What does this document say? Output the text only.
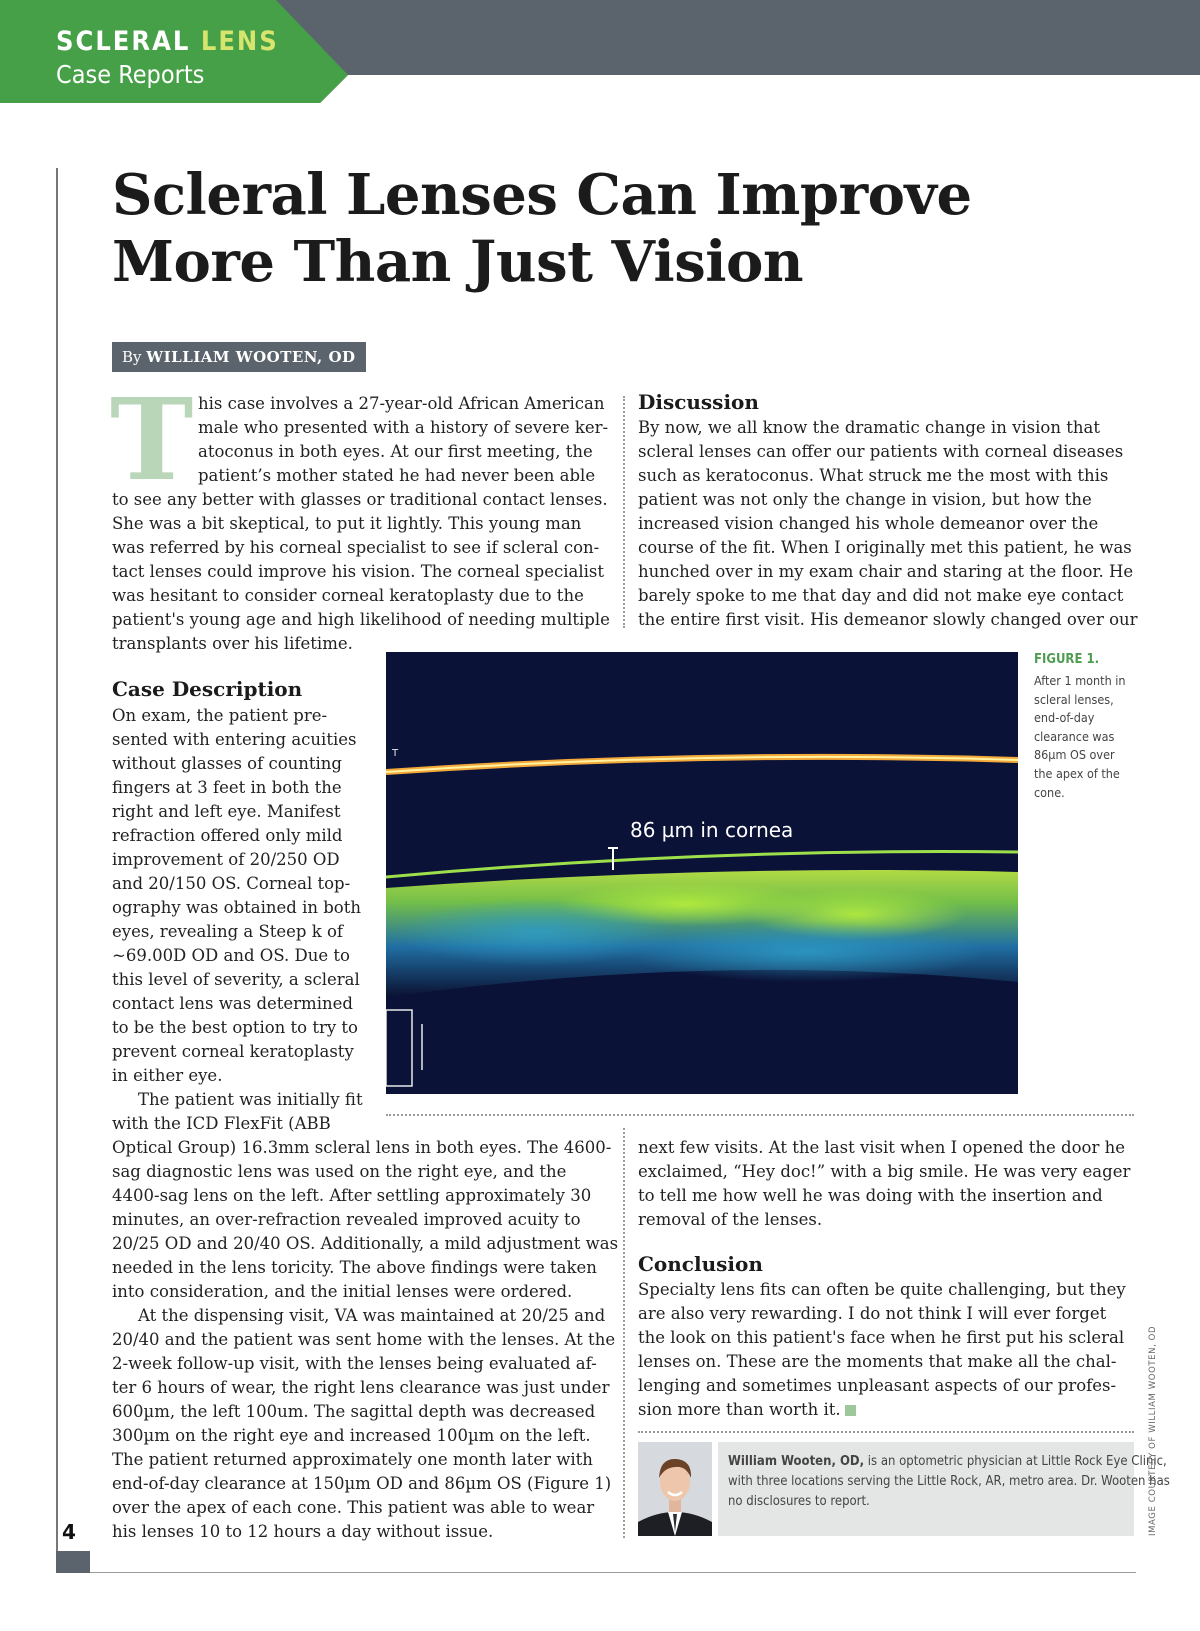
SCLERAL LENS
Case Reports
4
Scleral Lenses Can Improve
More Than Just Vision
By WILLIAM WOOTEN, OD
T his case involves a 27-year-old African American
male who presented with a history of severe ker-
atoconus in both eyes. At our first meeting, the
patient’s mother stated he had never been able
to see any better with glasses or traditional contact lenses.
She was a bit skeptical, to put it lightly. This young man
was referred by his corneal specialist to see if scleral con-
tact lenses could improve his vision. The corneal specialist
was hesitant to consider corneal keratoplasty due to the
patient's young age and high likelihood of needing multiple
transplants over his lifetime.
Case Description
On exam, the patient pre-
sented with entering acuities
without glasses of counting
fingers at 3 feet in both the
right and left eye. Manifest
refraction offered only mild
improvement of 20/250 OD
and 20/150 OS. Corneal top-
ography was obtained in both
eyes, revealing a Steep k of
~69.00D OD and OS. Due to
this level of severity, a scleral
contact lens was determined
to be the best option to try to
prevent corneal keratoplasty
in either eye.
The patient was initially fit
with the ICD FlexFit (ABB
Optical Group) 16.3mm scleral lens in both eyes. The 4600-
sag diagnostic lens was used on the right eye, and the
4400-sag lens on the left. After settling approximately 30
minutes, an over-refraction revealed improved acuity to
20/25 OD and 20/40 OS. Additionally, a mild adjustment was
needed in the lens toricity. The above findings were taken
into consideration, and the initial lenses were ordered.
At the dispensing visit, VA was maintained at 20/25 and
20/40 and the patient was sent home with the lenses. At the
2-week follow-up visit, with the lenses being evaluated af-
ter 6 hours of wear, the right lens clearance was just under
600µm, the left 100um. The sagittal depth was decreased
300µm on the right eye and increased 100µm on the left.
The patient returned approximately one month later with
end-of-day clearance at 150µm OD and 86µm OS (Figure 1)
over the apex of each cone. This patient was able to wear
his lenses 10 to 12 hours a day without issue.
Discussion
By now, we all know the dramatic change in vision that
scleral lenses can offer our patients with corneal diseases
such as keratoconus. What struck me the most with this
patient was not only the change in vision, but how the
increased vision changed his whole demeanor over the
course of the fit. When I originally met this patient, he was
hunched over in my exam chair and staring at the floor. He
barely spoke to me that day and did not make eye contact
the entire first visit. His demeanor slowly changed over our
T
86 µm in cornea
FIGURE 1.
After 1 month in
scleral lenses,
end-of-day
clearance was
86µm OS over
the apex of the
cone.
next few visits. At the last visit when I opened the door he
exclaimed, “Hey doc!” with a big smile. He was very eager
to tell me how well he was doing with the insertion and
removal of the lenses.
Conclusion
Specialty lens fits can often be quite challenging, but they
are also very rewarding. I do not think I will ever forget
the look on this patient's face when he first put his scleral
lenses on. These are the moments that make all the chal-
lenging and sometimes unpleasant aspects of our profes-
sion more than worth it.

William Wooten, OD, is an optometric physician at Little Rock Eye Clinic,
with three locations serving the Little Rock, AR, metro area. Dr. Wooten has
no disclosures to report.	IMAGE COURTESY OF WILLIAM WOOTEN, OD
